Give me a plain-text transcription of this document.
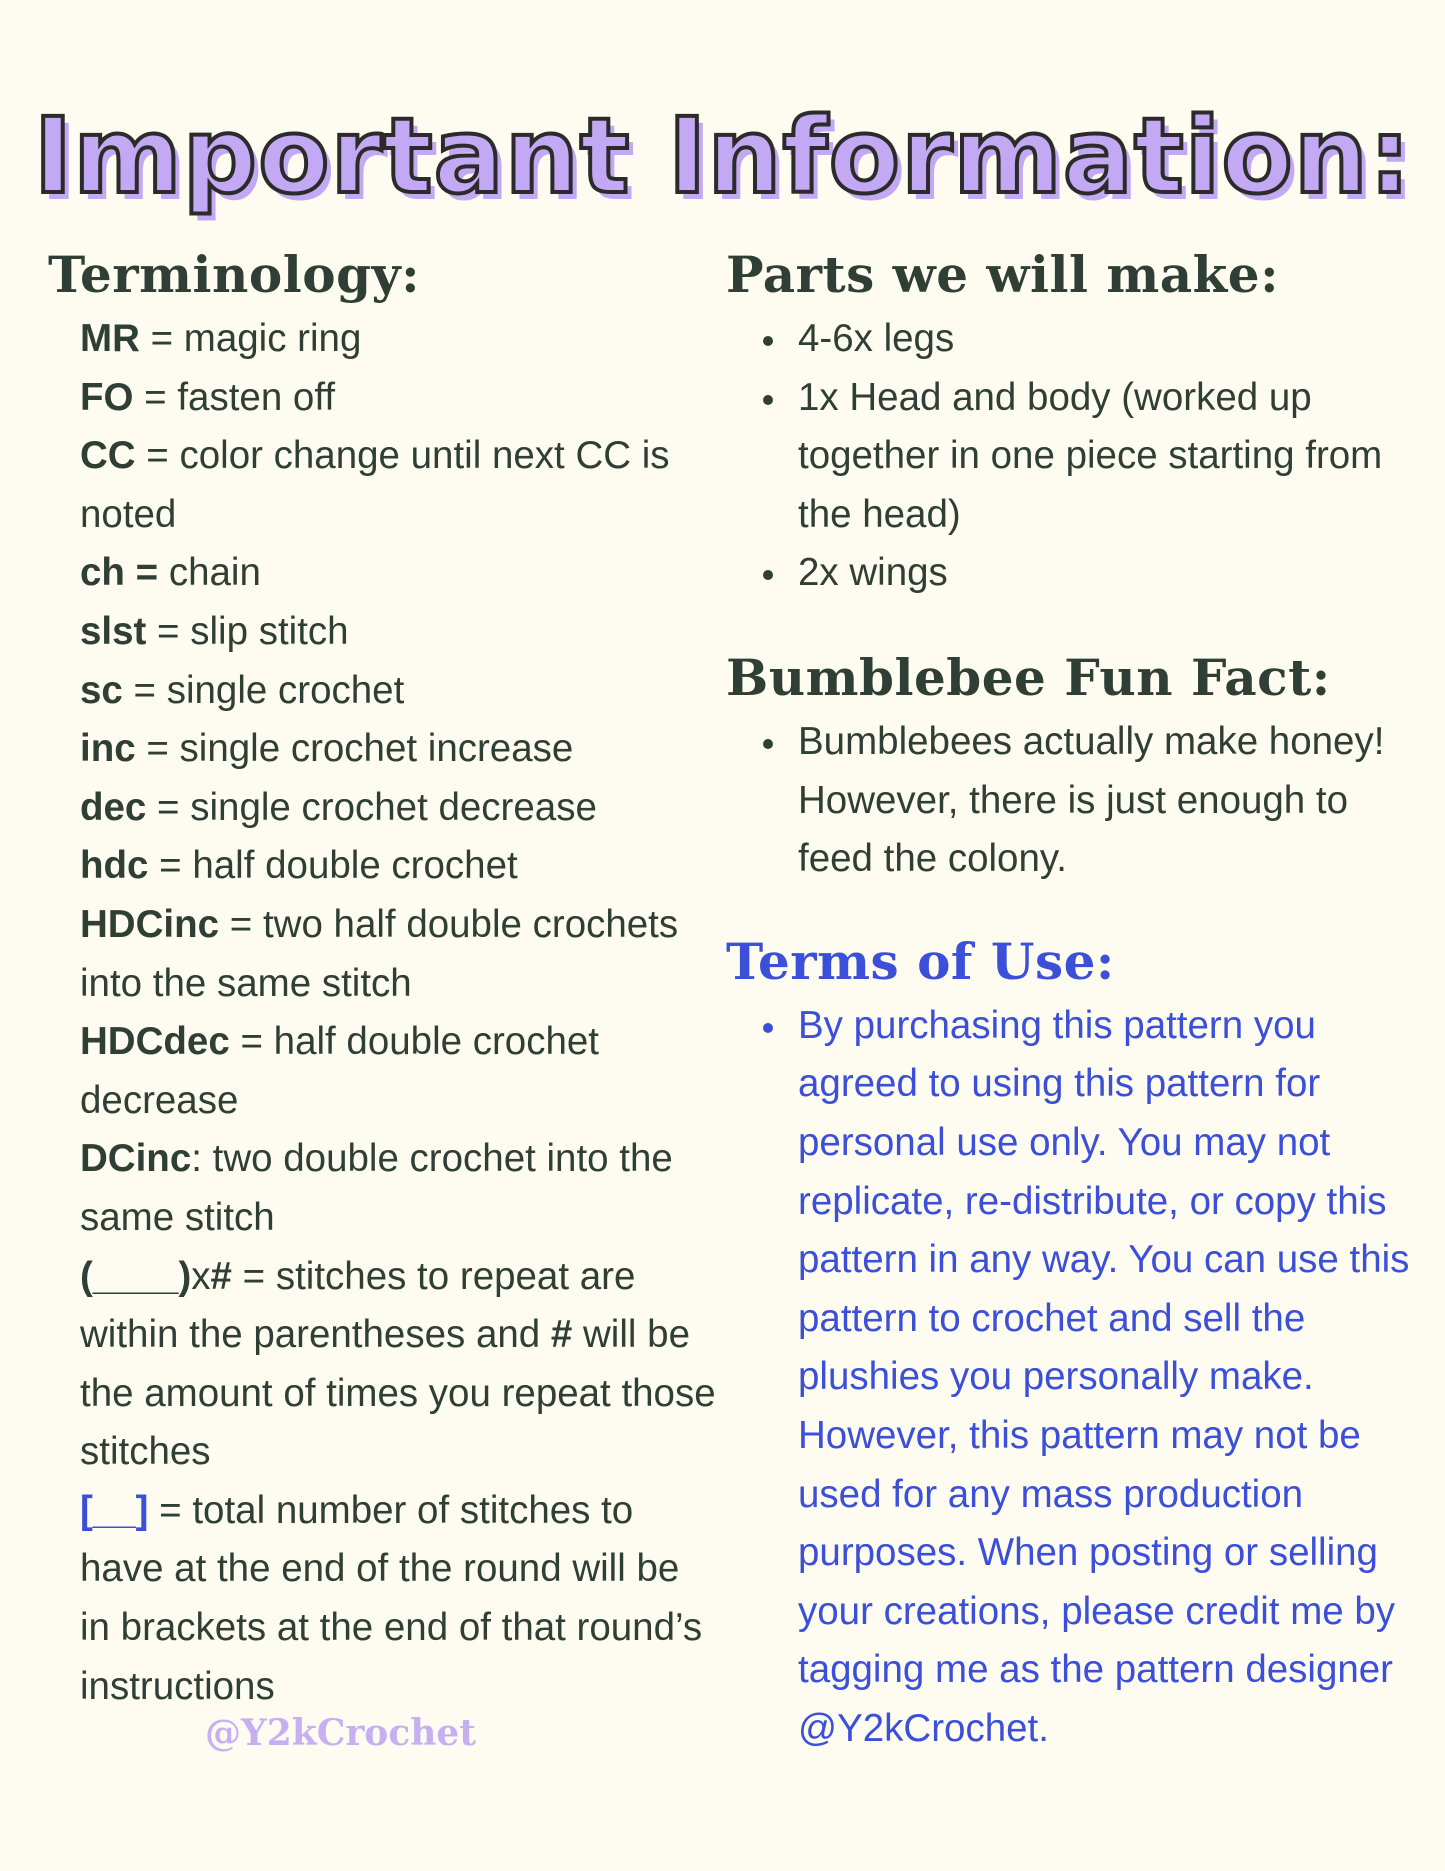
Important Information:
Terminology:
MR = magic ring
FO = fasten off
CC = color change until next CC is noted
ch = chain
slst = slip stitch
sc = single crochet
inc = single crochet increase
dec = single crochet decrease
hdc = half double crochet
HDCinc = two half double crochets into the same stitch
HDCdec = half double crochet decrease
DCinc: two double crochet into the same stitch
(____)x# = stitches to repeat are within the parentheses and # will be the amount of times you repeat those stitches
[__] = total number of stitches to have at the end of the round will be in brackets at the end of that round’s instructions
@Y2kCrochet
Parts we will make:
4-6x legs
1x Head and body (worked up together in one piece starting from the head)
2x wings
Bumblebee Fun Fact:
Bumblebees actually make honey! However, there is just enough to feed the colony.
Terms of Use:
By purchasing this pattern you agreed to using this pattern for personal use only. You may not replicate, re-distribute, or copy this pattern in any way. You can use this pattern to crochet and sell the plushies you personally make. However, this pattern may not be used for any mass production purposes. When posting or selling your creations, please credit me by tagging me as the pattern designer @Y2kCrochet.
